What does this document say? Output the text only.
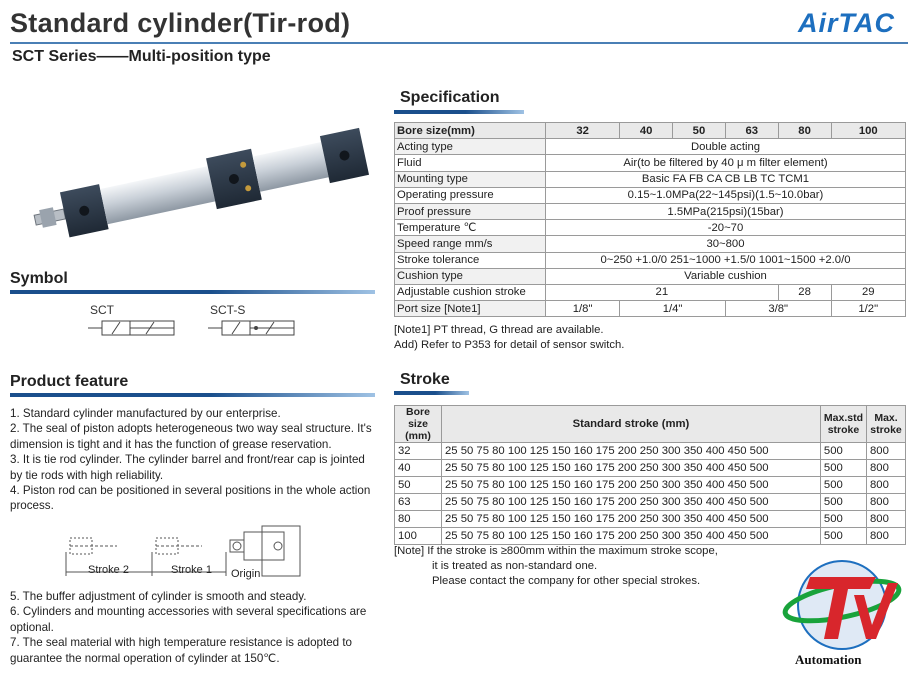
Standard cylinder(Tir-rod)	AirTAC
SCT Series——Multi-position type
Symbol
SCT	SCT-S
Product feature
1. Standard cylinder manufactured by our enterprise.
2. The seal of piston adopts heterogeneous two way seal structure. It's dimension is tight and it has the function of grease reservation.
3. It is tie rod cylinder. The cylinder barrel and front/rear cap is jointed by tie rods with high reliability.
4. Piston rod can be positioned in several positions in the whole action process.
Stroke 2	Stroke 1 Origin
5. The buffer adjustment of cylinder is smooth and steady.
6. Cylinders and mounting accessories with several specifications are optional.
7. The seal material with high temperature resistance is adopted to guarantee the normal operation of cylinder at 150℃.
Specification
Bore size(mm)	32	40	50	63	80	100
Acting type	Double acting					
Fluid	Air(to be filtered by 40 μ m filter element)					
Mounting type	Basic FA FB CA CB LB TC TCM1					
Operating pressure	0.15~1.0MPa(22~145psi)(1.5~10.0bar)					
Proof pressure	1.5MPa(215psi)(15bar)					
Temperature ℃	-20~70					
Speed range mm/s	30~800					
Stroke tolerance	0~250 +1.0/0 251~1000 +1.5/0 1001~1500 +2.0/0					
Cushion type	Variable cushion					
Adjustable cushion stroke	21				28	29
Port size [Note1]	1/8"	1/4"		3/8"		1/2"
[Note1] PT thread, G thread are available.
Add) Refer to P353 for detail of sensor switch.
Stroke
Bore size (mm)	Standard stroke (mm)	Max.std stroke	Max. stroke
32	25 50 75 80 100 125 150 160 175 200 250 300 350 400 450 500	500	800
40	25 50 75 80 100 125 150 160 175 200 250 300 350 400 450 500	500	800
50	25 50 75 80 100 125 150 160 175 200 250 300 350 400 450 500	500	800
63	25 50 75 80 100 125 150 160 175 200 250 300 350 400 450 500	500	800
80	25 50 75 80 100 125 150 160 175 200 250 300 350 400 450 500	500	800
100	25 50 75 80 100 125 150 160 175 200 250 300 350 400 450 500	500	800
[Note] If the stroke is ≥800mm within the maximum stroke scope,
it is treated as non-standard one.
Please contact the company for other special strokes.
Automation
